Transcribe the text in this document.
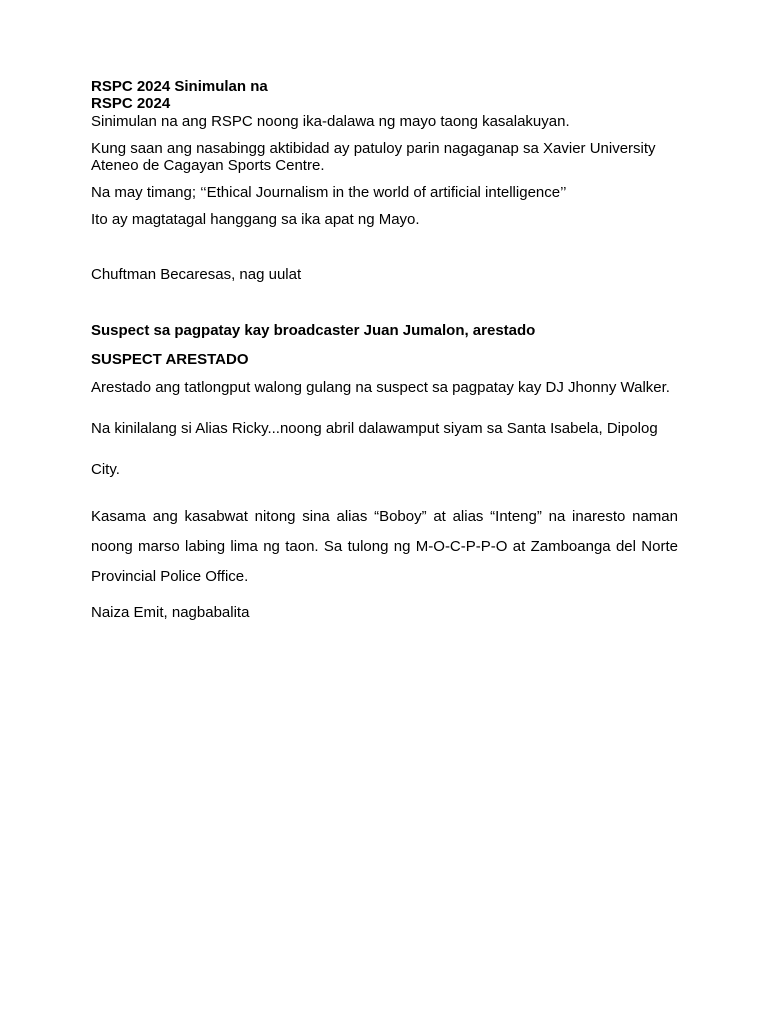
RSPC 2024 Sinimulan na

RSPC 2024

Sinimulan na ang RSPC noong ika-dalawa ng mayo taong kasalakuyan.

Kung saan ang nasabingg aktibidad ay patuloy parin nagaganap sa Xavier University Ateneo de Cagayan Sports Centre.

Na may timang; ‘‘Ethical Journalism in the world of artificial intelligence’’

Ito ay magtatagal hanggang sa ika apat ng Mayo.

Chuftman Becaresas, nag uulat

Suspect sa pagpatay kay broadcaster Juan Jumalon, arestado

SUSPECT ARESTADO

Arestado ang tatlongput walong gulang na suspect sa pagpatay kay DJ Jhonny Walker.

Na kinilalang si Alias Ricky...noong abril dalawamput siyam sa Santa Isabela, Dipolog

City.

Kasama ang kasabwat nitong sina alias “Boboy” at alias “Inteng” na inaresto naman noong marso labing lima ng taon. Sa tulong ng M-O-C-P-P-O at Zamboanga del Norte Provincial Police Office.

Naiza Emit, nagbabalita
